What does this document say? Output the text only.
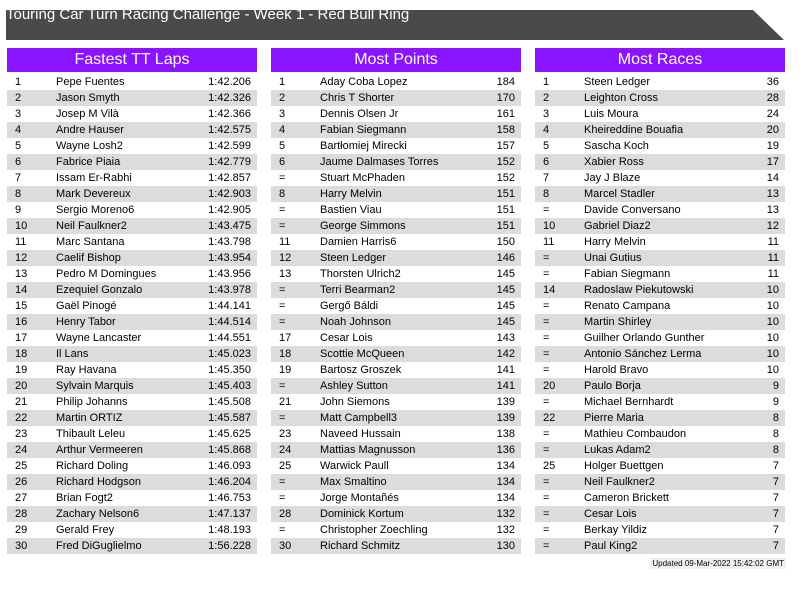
Touring Car Turn Racing Challenge - Week 1 - Red Bull Ring
Fastest TT Laps
1	Pepe Fuentes	1:42.206
2	Jason Smyth	1:42.326
3	Josep M Vilà	1:42.366
4	Andre Hauser	1:42.575
5	Wayne Losh2	1:42.599
6	Fabrice Piaia	1:42.779
7	Issam Er-Rabhi	1:42.857
8	Mark Devereux	1:42.903
9	Sergio Moreno6	1:42.905
10	Neil Faulkner2	1:43.475
11	Marc Santana	1:43.798
12	Caelif Bishop	1:43.954
13	Pedro M Domingues	1:43.956
14	Ezequiel Gonzalo	1:43.978
15	Gaël Pinogé	1:44.141
16	Henry Tabor	1:44.514
17	Wayne Lancaster	1:44.551
18	Il Lans	1:45.023
19	Ray Havana	1:45.350
20	Sylvain Marquis	1:45.403
21	Philip Johanns	1:45.508
22	Martin ORTIZ	1:45.587
23	Thibault Leleu	1:45.625
24	Arthur Vermeeren	1:45.868
25	Richard Doling	1:46.093
26	Richard Hodgson	1:46.204
27	Brian Fogt2	1:46.753
28	Zachary Nelson6	1:47.137
29	Gerald Frey	1:48.193
30	Fred DiGuglielmo	1:56.228
Most Points
1	Aday Coba Lopez	184
2	Chris T Shorter	170
3	Dennis Olsen Jr	161
4	Fabian Siegmann	158
5	Bartłomiej Mirecki	157
6	Jaume Dalmases Torres	152
=	Stuart McPhaden	152
8	Harry Melvin	151
=	Bastien Viau	151
=	George Simmons	151
11	Damien Harris6	150
12	Steen Ledger	146
13	Thorsten Ulrich2	145
=	Terri Bearman2	145
=	Gergő Báldi	145
=	Noah Johnson	145
17	Cesar Lois	143
18	Scottie McQueen	142
19	Bartosz Groszek	141
=	Ashley Sutton	141
21	John Siemons	139
=	Matt Campbell3	139
23	Naveed Hussain	138
24	Mattias Magnusson	136
25	Warwick Paull	134
=	Max Smaltino	134
=	Jorge Montañés	134
28	Dominick Kortum	132
=	Christopher Zoechling	132
30	Richard Schmitz	130
Most Races
1	Steen Ledger	36
2	Leighton Cross	28
3	Luis Moura	24
4	Kheireddine Bouafia	20
5	Sascha Koch	19
6	Xabier Ross	17
7	Jay J Blaze	14
8	Marcel Stadler	13
=	Davide Conversano	13
10	Gabriel Diaz2	12
11	Harry Melvin	11
=	Unai Gutius	11
=	Fabian Siegmann	11
14	Radoslaw Piekutowski	10
=	Renato Campana	10
=	Martin Shirley	10
=	Guilher Orlando Gunther	10
=	Antonio Sánchez Lerma	10
=	Harold Bravo	10
20	Paulo Borja	9
=	Michael Bernhardt	9
22	Pierre Maria	8
=	Mathieu Combaudon	8
=	Lukas Adam2	8
25	Holger Buettgen	7
=	Neil Faulkner2	7
=	Cameron Brickett	7
=	Cesar Lois	7
=	Berkay Yildiz	7
=	Paul King2	7
Updated 09-Mar-2022 15:42:02 GMT
